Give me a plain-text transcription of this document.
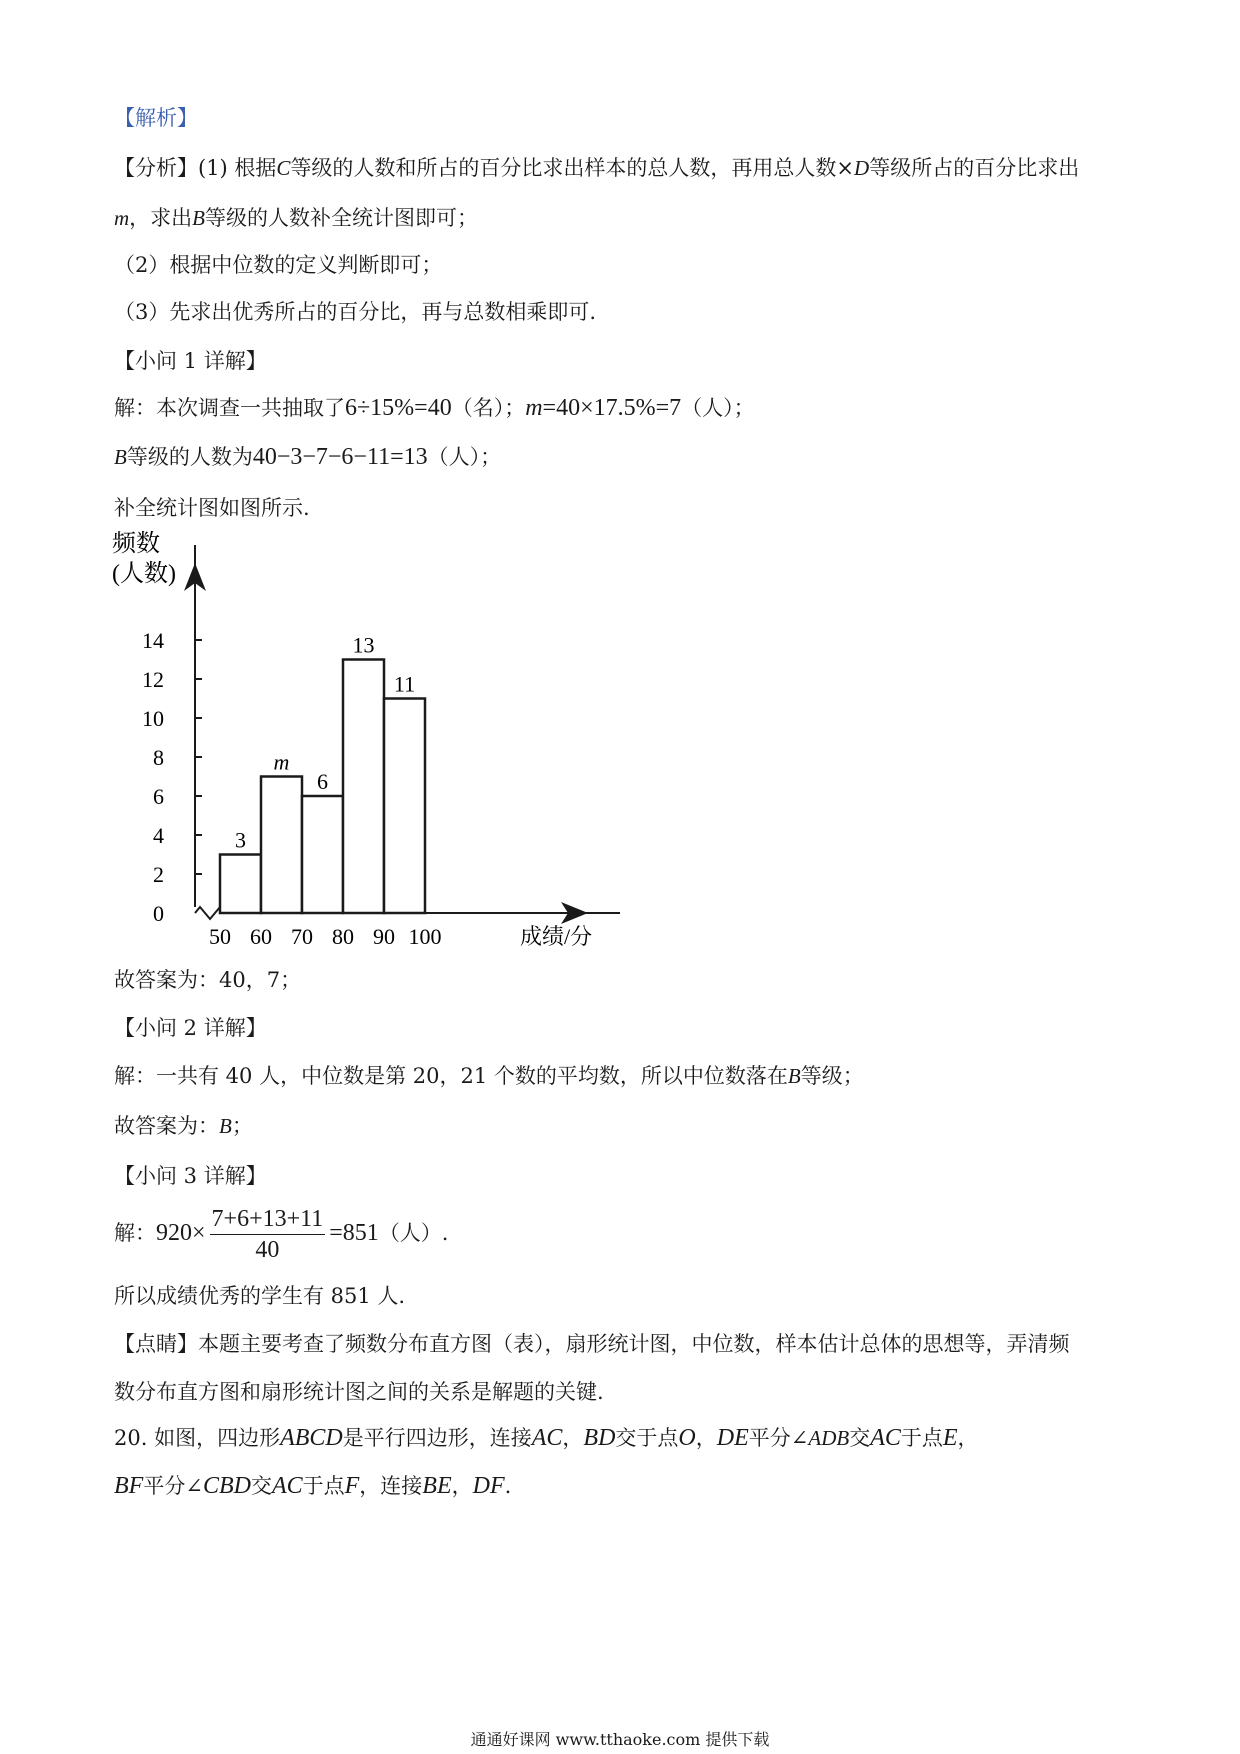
【解析】
【分析】(1) 根据C等级的人数和所占的百分比求出样本的总人数，再用总人数×D等级所占的百分比求出
m，求出B等级的人数补全统计图即可；
（2）根据中位数的定义判断即可；
（3）先求出优秀所占的百分比，再与总数相乘即可.
【小问 1 详解】
解：本次调查一共抽取了6÷15%=40（名）；m=40×17.5%=7（人）；
B等级的人数为40−3−7−6−11=13（人）；
补全统计图如图所示.
频数
(人数)
0
2
4
6
8
10
12
14
3
m
6
13
11
50 60 70 80 90 100	成绩/分
故答案为：40，7；
【小问 2 详解】
解：一共有 40 人，中位数是第 20，21 个数的平均数，所以中位数落在B等级；
故答案为：B；
【小问 3 详解】
解：$920\times \frac{7+6+13+11}{40} =851$（人）.
所以成绩优秀的学生有 851 人.
【点睛】本题主要考查了频数分布直方图（表），扇形统计图，中位数，样本估计总体的思想等，弄清频
数分布直方图和扇形统计图之间的关系是解题的关键.
20. 如图，四边形ABCD是平行四边形，连接AC，BD交于点O，DE平分∠ADB交AC于点E，
BF平分∠CBD交AC于点F，连接BE，DF.
通通好课网 www.tthaoke.com 提供下载
